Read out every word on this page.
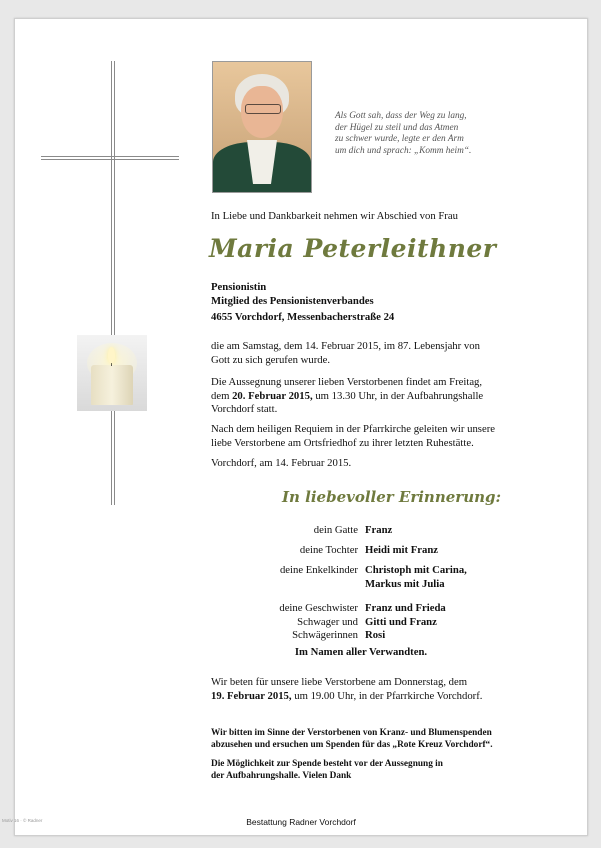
Als Gott sah, dass der Weg zu lang,
der Hügel zu steil und das Atmen
zu schwer wurde, legte er den Arm
um dich und sprach: „Komm heim“.
In Liebe und Dankbarkeit nehmen wir Abschied von Frau
Maria Peterleithner
Pensionistin
Mitglied des Pensionistenverbandes
4655 Vorchdorf, Messenbacherstraße 24
die am Samstag, dem 14. Februar 2015, im 87. Lebensjahr von
Gott zu sich gerufen wurde.
Die Aussegnung unserer lieben Verstorbenen findet am Freitag,
dem 20. Februar 2015, um 13.30 Uhr, in der Aufbahrungshalle
Vorchdorf statt.
Nach dem heiligen Requiem in der Pfarrkirche geleiten wir unsere
liebe Verstorbene am Ortsfriedhof zu ihrer letzten Ruhestätte.
Vorchdorf, am 14. Februar 2015.
In liebevoller Erinnerung:
dein Gatte Franz
deine Tochter Heidi mit Franz
deine Enkelkinder Christoph mit Carina,
Markus mit Julia
deine Geschwister
Schwager und
Schwägerinnen
Franz und Frieda
Gitti und Franz
Rosi
Im Namen aller Verwandten.
Wir beten für unsere liebe Verstorbene am Donnerstag, dem
19. Februar 2015, um 19.00 Uhr, in der Pfarrkirche Vorchdorf.
Wir bitten im Sinne der Verstorbenen von Kranz- und Blumenspenden
abzusehen und ersuchen um Spenden für das „Rote Kreuz Vorchdorf“.
Die Möglichkeit zur Spende besteht vor der Aussegnung in
der Aufbahrungshalle. Vielen Dank
Bestattung Radner Vorchdorf
Motiv 16 · © Radner
